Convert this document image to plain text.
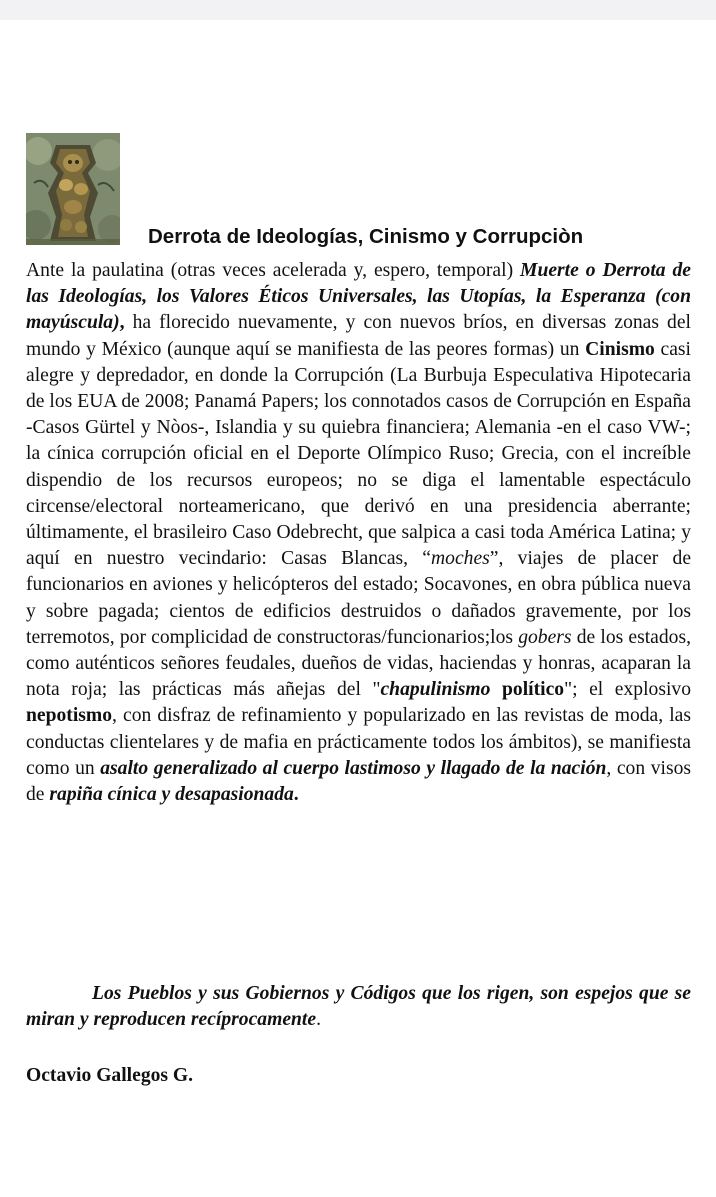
Derrota de Ideologías, Cinismo y Corrupciòn

Ante la paulatina (otras veces acelerada y, espero, temporal) Muerte o Derrota de las Ideologías, los Valores Éticos Universales, las Utopías, la Esperanza (con mayúscula), ha florecido nuevamente, y con nuevos bríos, en diversas zonas del mundo y México (aunque aquí se manifiesta de las peores formas) un Cinismo casi alegre y depredador, en donde la Corrupción (La Burbuja Especulativa Hipotecaria de los EUA de 2008; Panamá Papers; los connotados casos de Corrupción en España -Casos Gürtel y Nòos-, Islandia y su quiebra financiera; Alemania -en el caso VW-; la cínica corrupción oficial en el Deporte Olímpico Ruso; Grecia, con el increíble dispendio de los recursos europeos; no se diga el lamentable espectáculo circense/electoral norteamericano, que derivó en una presidencia aberrante; últimamente, el brasileiro Caso Odebrecht, que salpica a casi toda América Latina; y aquí en nuestro vecindario: Casas Blancas, “moches”, viajes de placer de funcionarios en aviones y helicópteros del estado; Socavones, en obra pública nueva y sobre pagada; cientos de edificios destruidos o dañados gravemente, por los terremotos, por complicidad de constructoras/funcionarios;los gobers de los estados, como auténticos señores feudales, dueños de vidas, haciendas y honras, acaparan la nota roja; las prácticas más añejas del "chapulinismo político"; el explosivo nepotismo, con disfraz de refinamiento y popularizado en las revistas de moda, las conductas clientelares y de mafia en prácticamente todos los ámbitos), se manifiesta como un asalto generalizado al cuerpo lastimoso y llagado de la nación, con visos de rapiña cínica y desapasionada.

Los Pueblos y sus Gobiernos y Códigos que los rigen, son espejos que se miran y reproducen recíprocamente.

Octavio Gallegos G.
